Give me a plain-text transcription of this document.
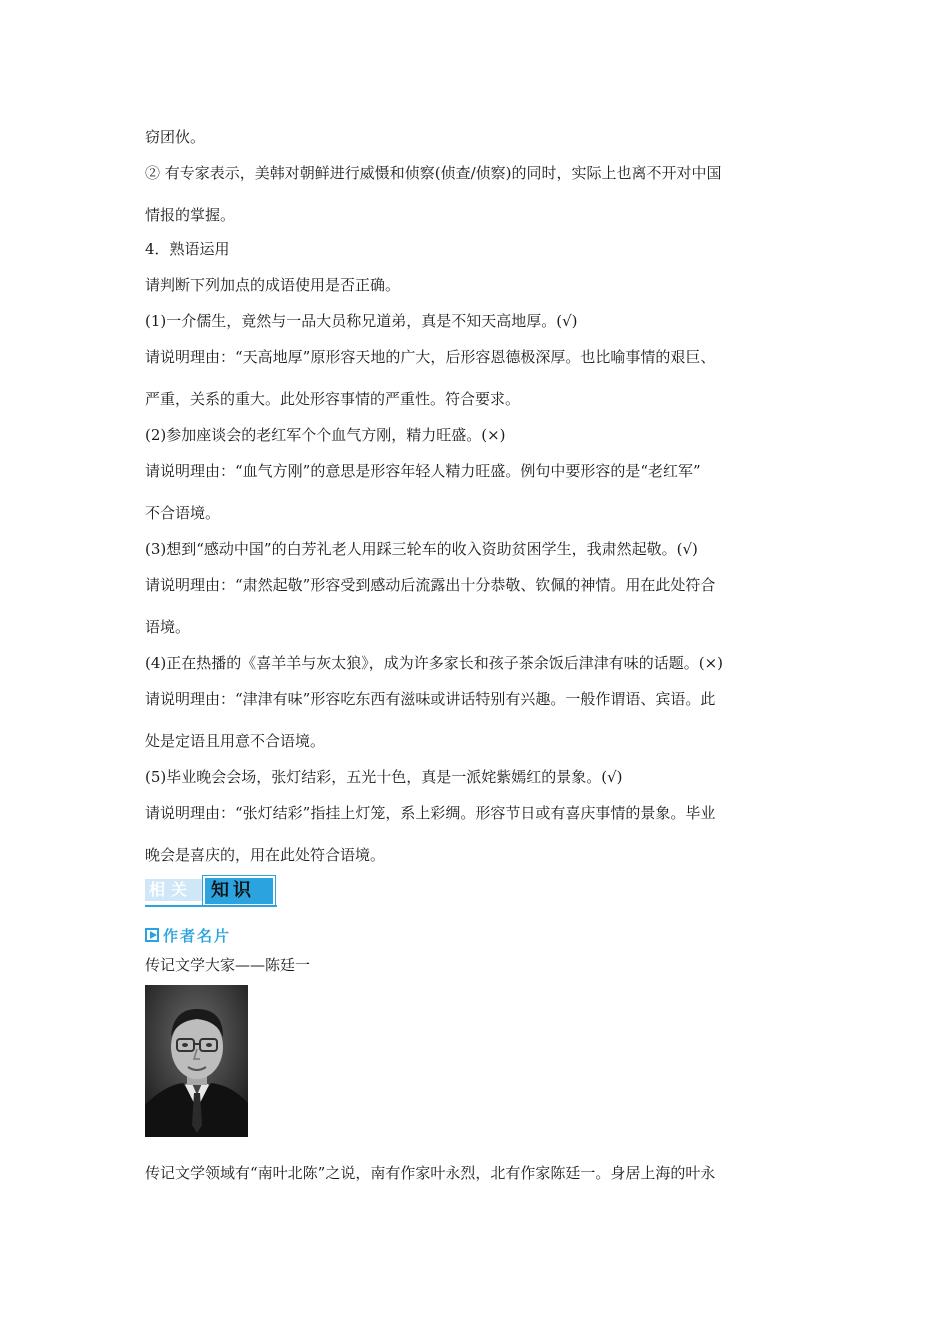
窃团伙。
② 有专家表示，美韩对朝鲜进行威慑和侦察(侦查/侦察)的同时，实际上也离不开对中国
情报的掌握。
4．熟语运用
请判断下列加点的成语使用是否正确。
(1)一介儒生，竟然与一品大员称兄道弟，真是不知天高地厚。(√)
请说明理由：“天高地厚”原形容天地的广大，后形容恩德极深厚。也比喻事情的艰巨、
严重，关系的重大。此处形容事情的严重性。符合要求。
(2)参加座谈会的老红军个个血气方刚，精力旺盛。(×)
请说明理由：“血气方刚”的意思是形容年轻人精力旺盛。例句中要形容的是“老红军”
不合语境。
(3)想到“感动中国”的白芳礼老人用踩三轮车的收入资助贫困学生，我肃然起敬。(√)
请说明理由：“肃然起敬”形容受到感动后流露出十分恭敬、钦佩的神情。用在此处符合
语境。
(4)正在热播的《喜羊羊与灰太狼》，成为许多家长和孩子茶余饭后津津有味的话题。(×)
请说明理由：“津津有味”形容吃东西有滋味或讲话特别有兴趣。一般作谓语、宾语。此
处是定语且用意不合语境。
(5)毕业晚会会场，张灯结彩，五光十色，真是一派姹紫嫣红的景象。(√)
请说明理由：“张灯结彩”指挂上灯笼，系上彩绸。形容节日或有喜庆事情的景象。毕业
晚会是喜庆的，用在此处符合语境。
相关 知识
作者名片
传记文学大家——陈廷一
传记文学领域有“南叶北陈”之说，南有作家叶永烈，北有作家陈廷一。身居上海的叶永
